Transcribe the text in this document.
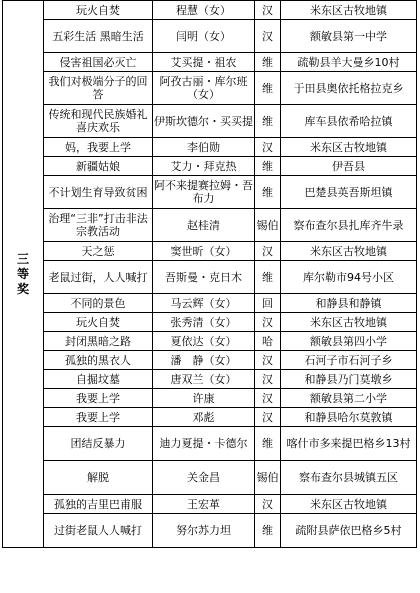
三
等
奖	玩火自焚	程慧（女）	汉	米东区古牧地镇
	五彩生活 黑暗生活	闫明（女）	汉	额敏县第一中学
	侵害祖国必灭亡	艾买提・祖农	维	疏勒县羊大曼乡10村
	我们对极端分子的回答	阿孜古丽・库尔班（女）	维	于田县奥依托格拉克乡
	传统和现代民族婚礼喜庆欢乐	伊斯坎德尔・买买提	维	库车县依希哈拉镇
	妈，我要上学	李伯勋	汉	米东区古牧地镇
	新疆姑娘	艾力・拜克热	维	伊吾县
	不计划生育导致贫困	阿不来提赛拉姆・吾布力	维	巴楚县英吾斯坦镇
	治理“三非”打击非法宗教活动	赵桂清	锡伯	察布查尔县扎库齐牛录
	天之惩	窦世昕（女）	汉	米东区古牧地镇
	老鼠过街，人人喊打	吾斯曼・克日木	维	库尔勒市94号小区
	不同的景色	马云辉（女）	回	和静县和静镇
	玩火自焚	张秀清（女）	汉	米东区古牧地镇
	封闭黑暗之路	夏依达（女）	哈	额敏县第四小学
	孤独的黑衣人	潘　静（女）	汉	石河子市石河子乡
	自掘坟墓	唐双兰（女）	汉	和静县乃门莫墩乡
	我要上学	许康	汉	额敏县第二小学
	我要上学	邓彪	汉	和静县哈尔莫敦镇
	团结反暴力	迪力夏提・卡德尔	维	喀什市多来提巴格乡13村
	解脱	关金昌	锡伯	察布查尔县城镇五区
	孤独的吉里巴甫服	王宏革	汉	米东区古牧地镇
	过街老鼠人人喊打	努尔苏力坦	维	疏附县萨依巴格乡5村
